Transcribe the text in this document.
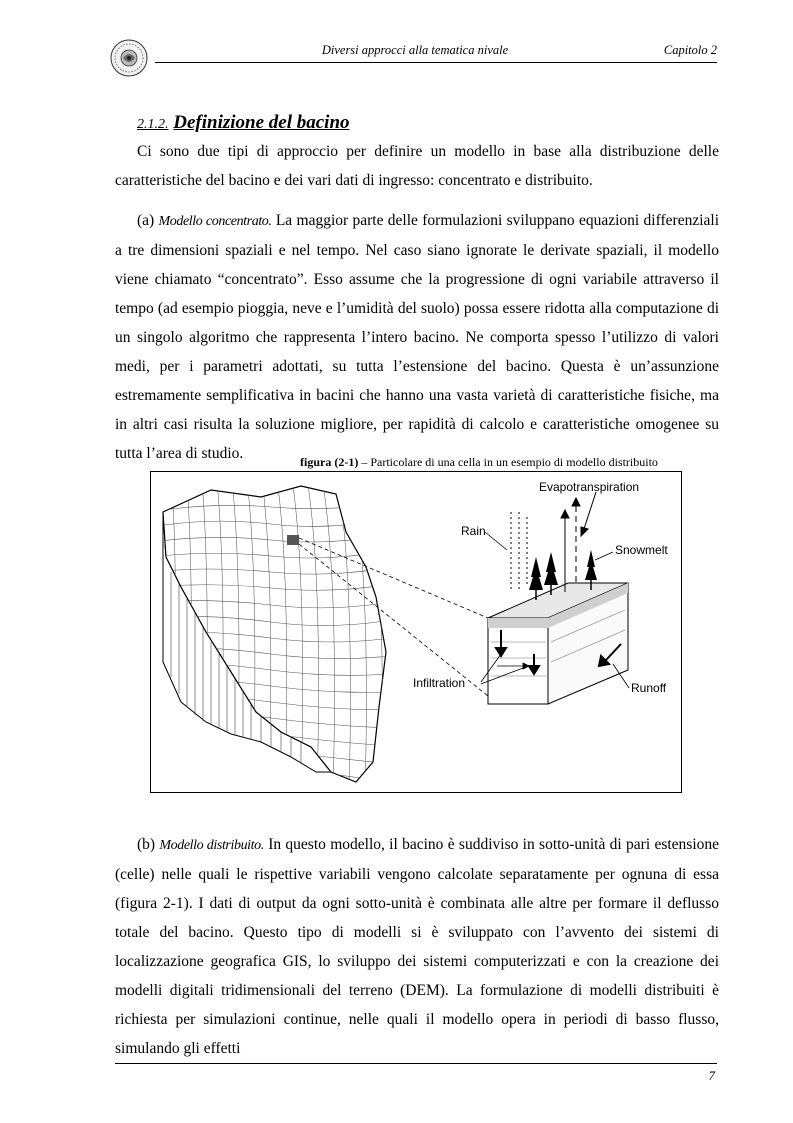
Diversi approcci alla tematica nivale	Capitolo 2
2.1.2. Definizione del bacino

Ci sono due tipi di approccio per definire un modello in base alla distribuzione delle caratteristiche del bacino e dei vari dati di ingresso: concentrato e distribuito.

(a) Modello concentrato. La maggior parte delle formulazioni sviluppano equazioni differenziali a tre dimensioni spaziali e nel tempo. Nel caso siano ignorate le derivate spaziali, il modello viene chiamato “concentrato”. Esso assume che la progressione di ogni variabile attraverso il tempo (ad esempio pioggia, neve e l’umidità del suolo) possa essere ridotta alla computazione di un singolo algoritmo che rappresenta l’intero bacino. Ne comporta spesso l’utilizzo di valori medi, per i parametri adottati, su tutta l’estensione del bacino. Questa è un’assunzione estremamente semplificativa in bacini che hanno una vasta varietà di caratteristiche fisiche, ma in altri casi risulta la soluzione migliore, per rapidità di calcolo e caratteristiche omogenee su tutta l’area di studio.	figura (2-1) – Particolare di una cella in un esempio di modello distribuito
Evapotranspiration
Rain
Snowmelt
Infiltration	Runoff

(b) Modello distribuito. In questo modello, il bacino è suddiviso in sotto-unità di pari estensione (celle) nelle quali le rispettive variabili vengono calcolate separatamente per ognuna di essa (figura 2-1). I dati di output da ogni sotto-unità è combinata alle altre per formare il deflusso totale del bacino. Questo tipo di modelli si è sviluppato con l’avvento dei sistemi di localizzazione geografica GIS, lo sviluppo dei sistemi computerizzati e con la creazione dei modelli digitali tridimensionali del terreno (DEM). La formulazione di modelli distribuiti è richiesta per simulazioni continue, nelle quali il modello opera in periodi di basso flusso, simulando gli effetti

7
